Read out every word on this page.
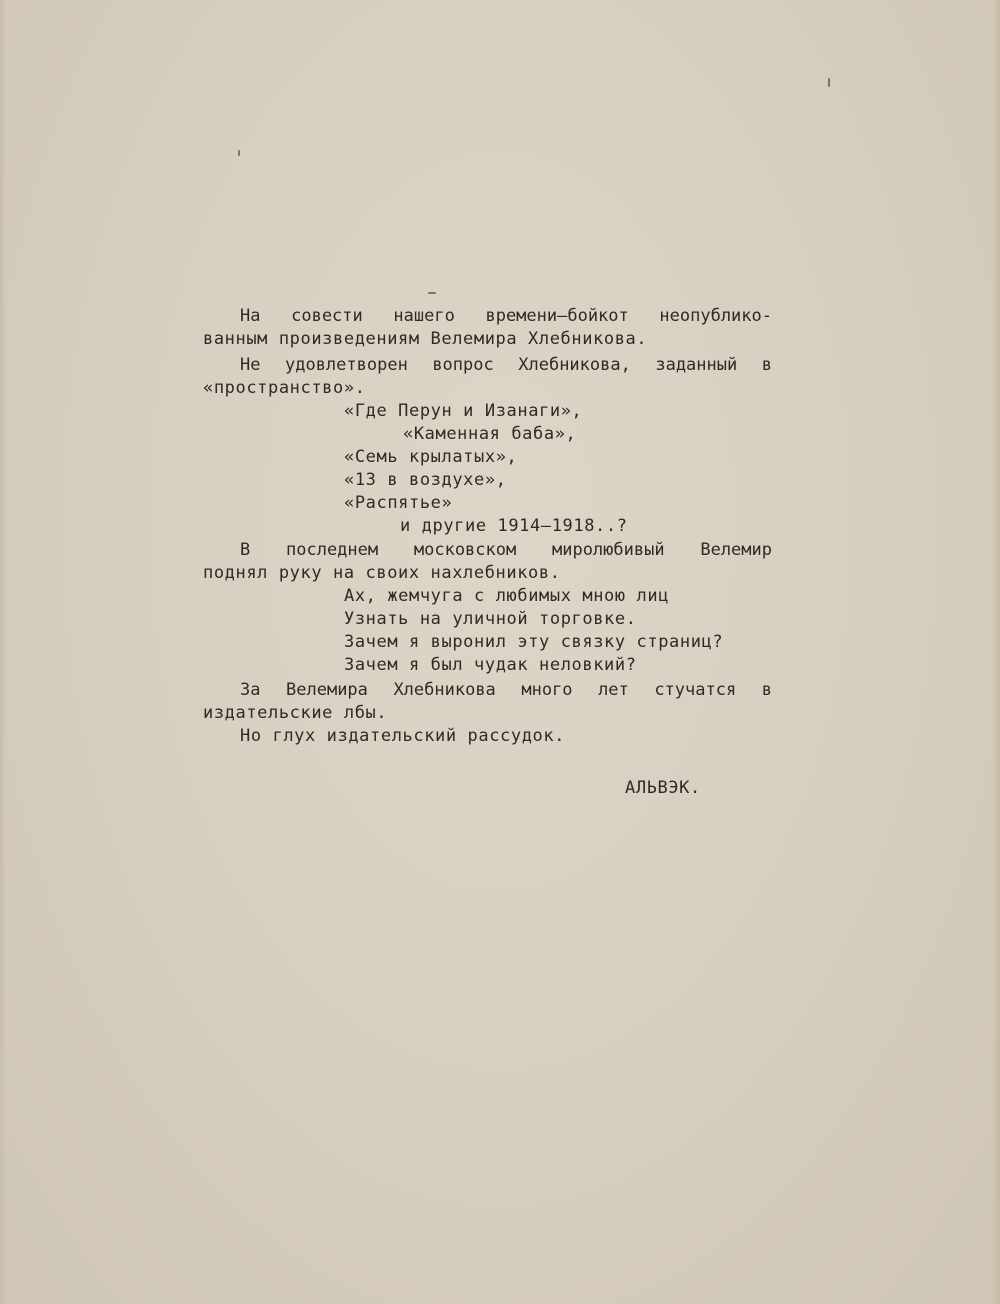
На совести нашего времени—бойкот неопублико-
ванным произведениям Велемира Хлебникова.
Не удовлетворен вопрос Хлебникова, заданный в
«пространство».
«Где Перун и Изанаги»,
«Каменная баба»,
«Семь крылатых»,
«13 в воздухе»,
«Распятье»
и другие 1914—1918..?
В последнем московском миролюбивый Велемир
поднял руку на своих нахлебников.
Ах, жемчуга с любимых мною лиц
Узнать на уличной торговке.
Зачем я выронил эту связку страниц?
Зачем я был чудак неловкий?
За Велемира Хлебникова много лет стучатся в
издательские лбы.
Но глух издательский рассудок.
АЛЬВЭК.
